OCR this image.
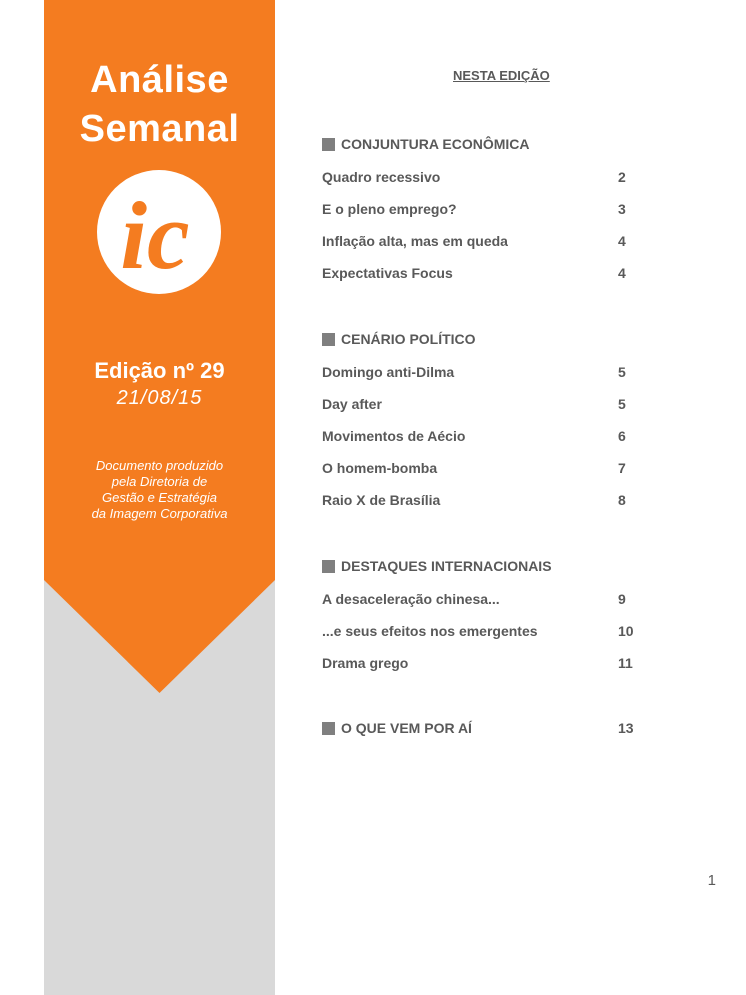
Análise
Semanal
ic
Edição nº 29
21/08/15
Documento produzido
pela Diretoria de
Gestão e Estratégia
da Imagem Corporativa
NESTA EDIÇÃO
CONJUNTURA ECONÔMICA
Quadro recessivo	2
E o pleno emprego?	3
Inflação alta, mas em queda	4
Expectativas Focus	4
CENÁRIO POLÍTICO
Domingo anti-Dilma	5
Day after	5
Movimentos de Aécio	6
O homem-bomba	7
Raio X de Brasília	8
DESTAQUES INTERNACIONAIS
A desaceleração chinesa...	9
...e seus efeitos nos emergentes	10
Drama grego	11
O QUE VEM POR AÍ	13
1
